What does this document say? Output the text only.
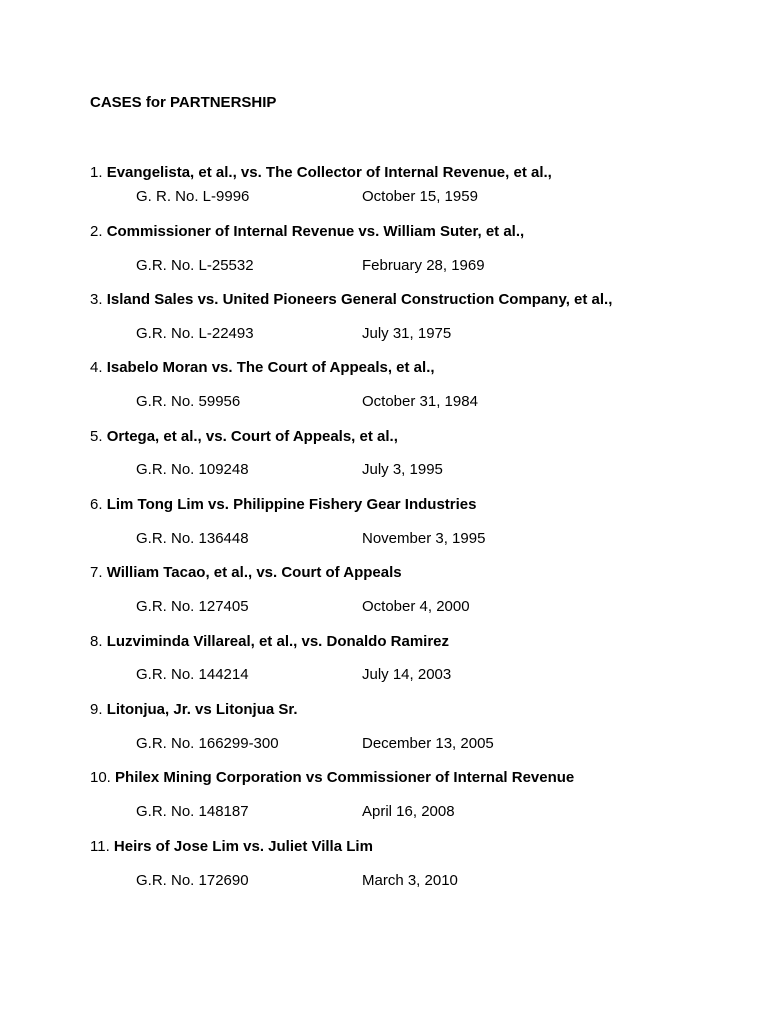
CASES for PARTNERSHIP
1. Evangelista, et al., vs. The Collector of Internal Revenue, et al.,
G. R. No. L-9996	October 15, 1959
2. Commissioner of Internal Revenue vs. William Suter, et al.,
G.R. No. L-25532	February 28, 1969
3. Island Sales vs. United Pioneers General Construction Company, et al.,
G.R. No. L-22493	July 31, 1975
4. Isabelo Moran vs. The Court of Appeals, et al.,
G.R. No. 59956	October 31, 1984
5. Ortega, et al., vs. Court of Appeals, et al.,
G.R. No. 109248	July 3, 1995
6. Lim Tong Lim vs. Philippine Fishery Gear Industries
G.R. No. 136448	November 3, 1995
7. William Tacao, et al., vs. Court of Appeals
G.R. No. 127405	October 4, 2000
8. Luzviminda Villareal, et al., vs. Donaldo Ramirez
G.R. No. 144214	July 14, 2003
9. Litonjua, Jr. vs Litonjua Sr.
G.R. No. 166299-300	December 13, 2005
10. Philex Mining Corporation vs Commissioner of Internal Revenue
G.R. No. 148187	April 16, 2008
11. Heirs of Jose Lim vs. Juliet Villa Lim
G.R. No. 172690	March 3, 2010
